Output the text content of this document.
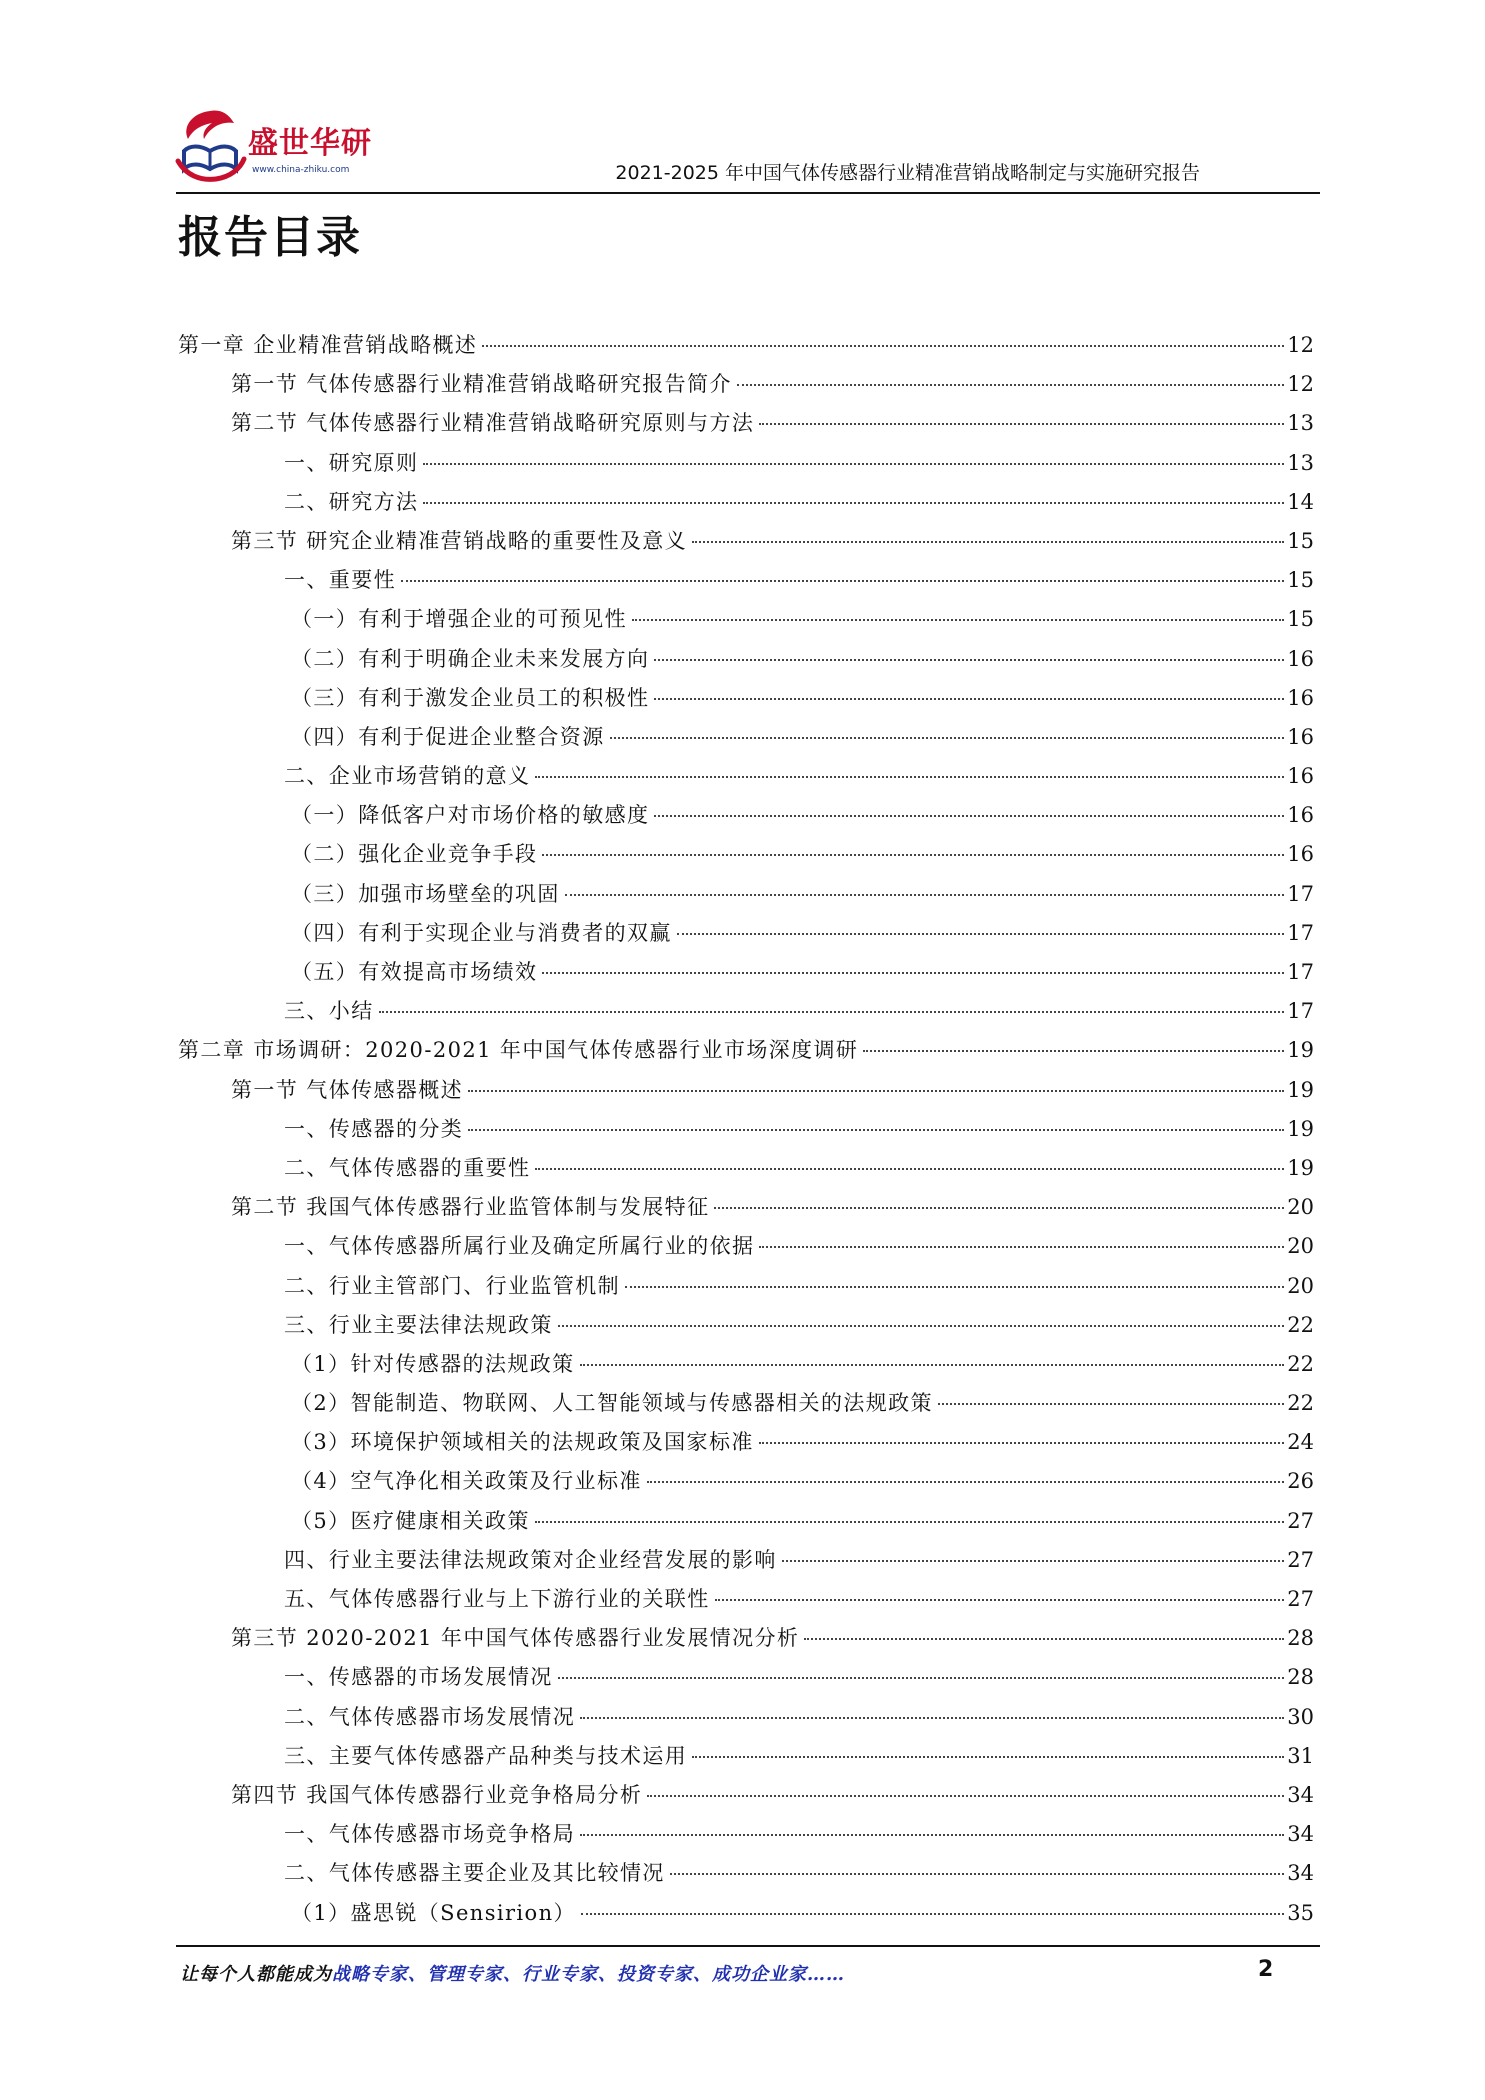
盛世华研
www.china-zhiku.com	2021-2025 年中国气体传感器行业精准营销战略制定与实施研究报告
报告目录
第一章 企业精准营销战略概述	12
第一节 气体传感器行业精准营销战略研究报告简介	12
第二节 气体传感器行业精准营销战略研究原则与方法	13
一、研究原则	13
二、研究方法	14
第三节 研究企业精准营销战略的重要性及意义	15
一、重要性	15
（一）有利于增强企业的可预见性	15
（二）有利于明确企业未来发展方向	16
（三）有利于激发企业员工的积极性	16
（四）有利于促进企业整合资源	16
二、企业市场营销的意义	16
（一）降低客户对市场价格的敏感度	16
（二）强化企业竞争手段	16
（三）加强市场壁垒的巩固	17
（四）有利于实现企业与消费者的双赢	17
（五）有效提高市场绩效	17
三、小结	17
第二章 市场调研：2020-2021 年中国气体传感器行业市场深度调研	19
第一节 气体传感器概述	19
一、传感器的分类	19
二、气体传感器的重要性	19
第二节 我国气体传感器行业监管体制与发展特征	20
一、气体传感器所属行业及确定所属行业的依据	20
二、行业主管部门、行业监管机制	20
三、行业主要法律法规政策	22
（1）针对传感器的法规政策	22
（2）智能制造、物联网、人工智能领域与传感器相关的法规政策	22
（3）环境保护领域相关的法规政策及国家标准	24
（4）空气净化相关政策及行业标准	26
（5）医疗健康相关政策	27
四、行业主要法律法规政策对企业经营发展的影响	27
五、气体传感器行业与上下游行业的关联性	27
第三节 2020-2021 年中国气体传感器行业发展情况分析	28
一、传感器的市场发展情况	28
二、气体传感器市场发展情况	30
三、主要气体传感器产品种类与技术运用	31
第四节 我国气体传感器行业竞争格局分析	34
一、气体传感器市场竞争格局	34
二、气体传感器主要企业及其比较情况	34
（1）盛思锐（Sensirion）	35
让每个人都能成为战略专家、管理专家、行业专家、投资专家、成功企业家……	2
